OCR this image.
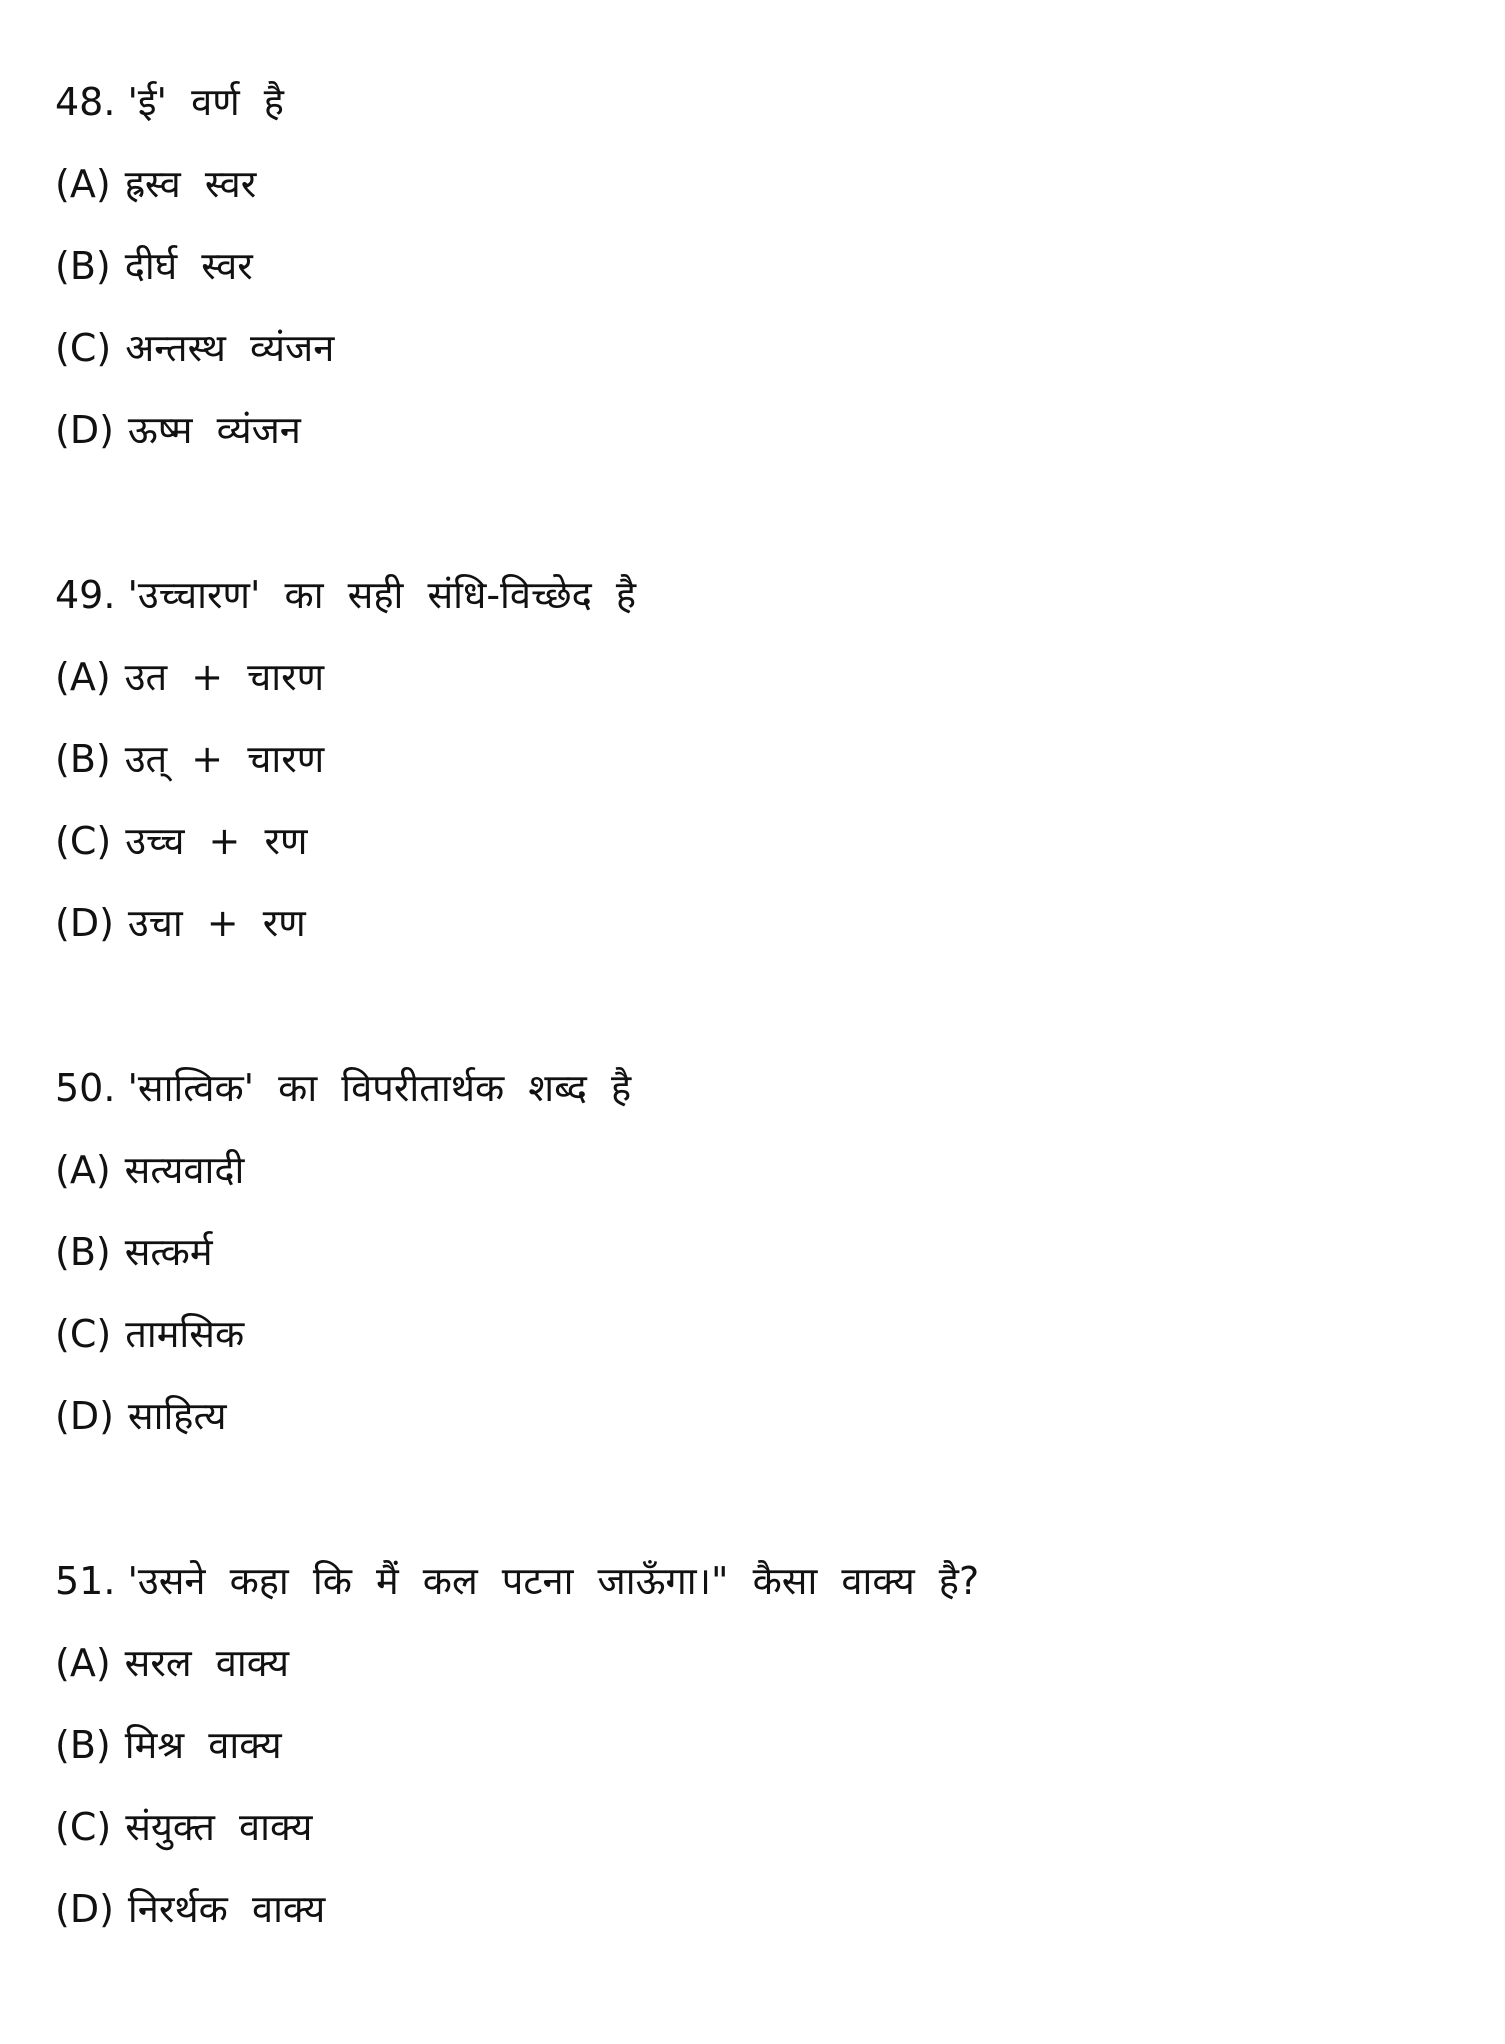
48. 'ई' वर्ण है
(A) ह्रस्व स्वर
(B) दीर्घ स्वर
(C) अन्तस्थ व्यंजन
(D) ऊष्म व्यंजन
49. 'उच्चारण' का सही संधि-विच्छेद है
(A) उत + चारण
(B) उत् + चारण
(C) उच्च + रण
(D) उचा + रण
50. 'सात्विक' का विपरीतार्थक शब्द है
(A) सत्यवादी
(B) सत्कर्म
(C) तामसिक
(D) साहित्य
51. 'उसने कहा कि मैं कल पटना जाऊँगा।" कैसा वाक्य है?
(A) सरल वाक्य
(B) मिश्र वाक्य
(C) संयुक्त वाक्य
(D) निरर्थक वाक्य
